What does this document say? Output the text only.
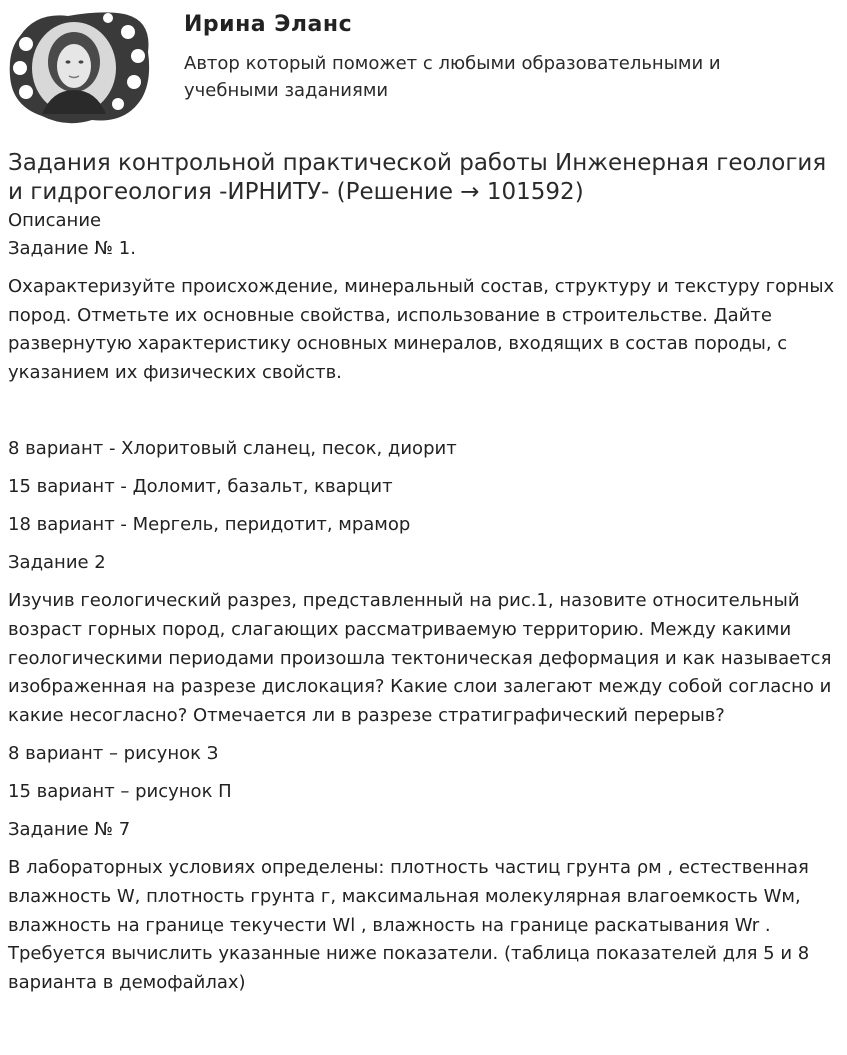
Ирина Эланс
Автор который поможет с любыми образовательными и учебными заданиями
Задания контрольной практической работы Инженерная геология и гидрогеология -ИРНИТУ- (Решение → 101592)

Описание

Задание № 1.

Охарактеризуйте происхождение, минеральный состав, структуру и текстуру горных пород. Отметьте их основные свойства, использование в строительстве. Дайте развернутую характеристику основных минералов, входящих в состав породы, с указанием их физических свойств.

8 вариант - Хлоритовый сланец, песок, диорит

15 вариант - Доломит, базальт, кварцит

18 вариант - Мергель, перидотит, мрамор

Задание 2

Изучив геологический разрез, представленный на рис.1, назовите относительный возраст горных пород, слагающих рассматриваемую территорию. Между какими геологическими периодами произошла тектоническая деформация и как называется изображенная на разрезе дислокация? Какие слои залегают между собой согласно и какие несогласно? Отмечается ли в разрезе стратиграфический перерыв?

8 вариант – рисунок З

15 вариант – рисунок П

Задание № 7

В лабораторных условиях определены: плотность частиц грунта ρм , естественная влажность W, плотность грунта г, максимальная молекулярная влагоемкость Wм, влажность на границе текучести Wl , влажность на границе раскатывания Wr . Требуется вычислить указанные ниже показатели. (таблица показателей для 5 и 8 варианта в демофайлах)
